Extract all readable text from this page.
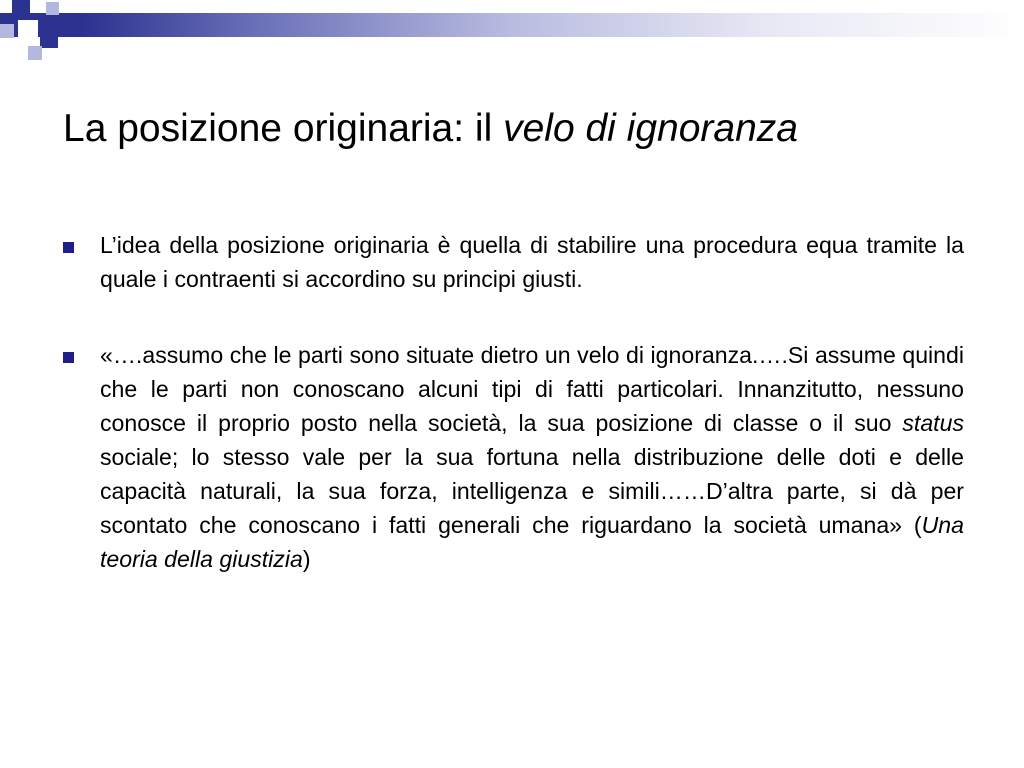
La posizione originaria: il velo di ignoranza
L’idea della posizione originaria è quella di stabilire una procedura equa tramite la quale i contraenti si accordino su principi giusti.
«….assumo che le parti sono situate dietro un velo di ignoranza.….Si assume quindi che le parti non conoscano alcuni tipi di fatti particolari. Innanzitutto, nessuno conosce il proprio posto nella società, la sua posizione di classe o il suo status sociale; lo stesso vale per la sua fortuna nella distribuzione delle doti e delle capacità naturali, la sua forza, intelligenza e simili……D’altra parte, si dà per scontato che conoscano i fatti generali che riguardano la società umana» (Una teoria della giustizia)
